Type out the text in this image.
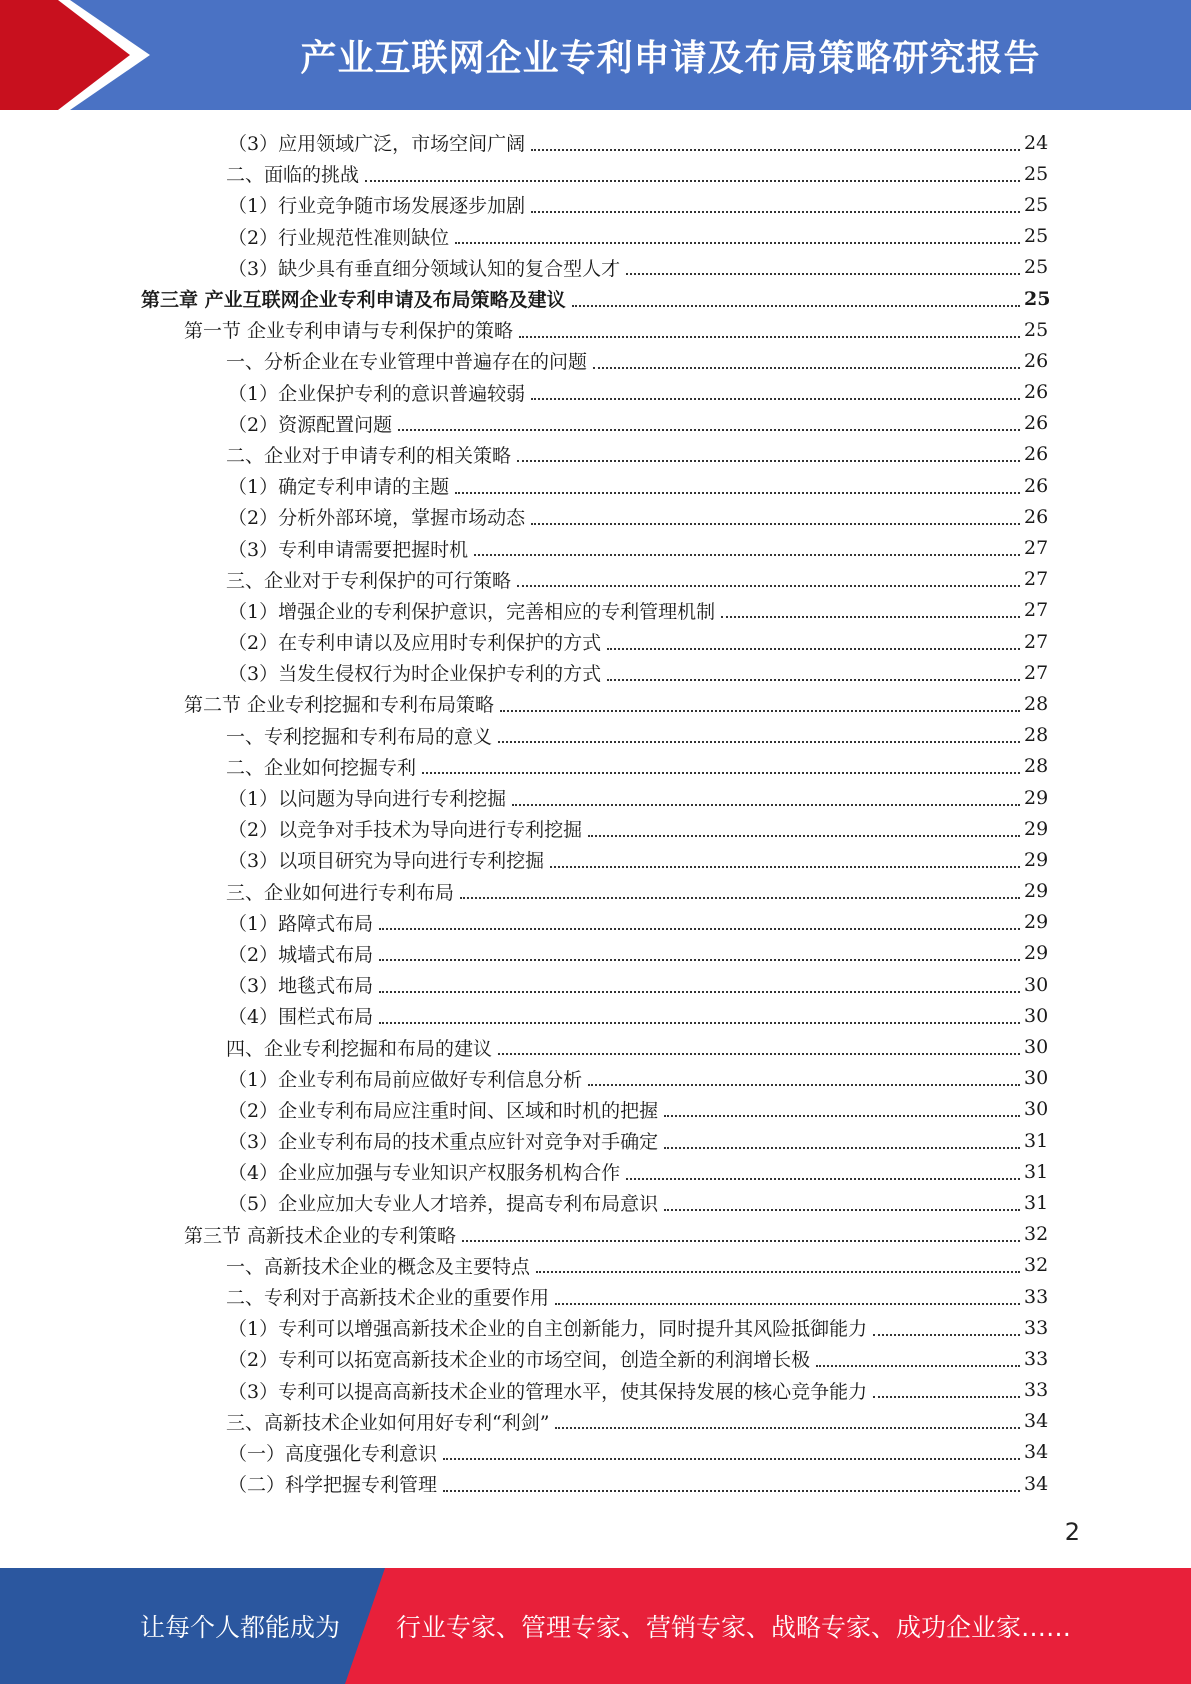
产业互联网企业专利申请及布局策略研究报告
（3）应用领域广泛，市场空间广阔	24
二、面临的挑战	25
（1）行业竞争随市场发展逐步加剧	25
（2）行业规范性准则缺位	25
（3）缺少具有垂直细分领域认知的复合型人才	25
第三章 产业互联网企业专利申请及布局策略及建议	25
第一节 企业专利申请与专利保护的策略	25
一、分析企业在专业管理中普遍存在的问题	26
（1）企业保护专利的意识普遍较弱	26
（2）资源配置问题	26
二、企业对于申请专利的相关策略	26
（1）确定专利申请的主题	26
（2）分析外部环境，掌握市场动态	26
（3）专利申请需要把握时机	27
三、企业对于专利保护的可行策略	27
（1）增强企业的专利保护意识，完善相应的专利管理机制	27
（2）在专利申请以及应用时专利保护的方式	27
（3）当发生侵权行为时企业保护专利的方式	27
第二节 企业专利挖掘和专利布局策略	28
一、专利挖掘和专利布局的意义	28
二、企业如何挖掘专利	28
（1）以问题为导向进行专利挖掘	29
（2）以竞争对手技术为导向进行专利挖掘	29
（3）以项目研究为导向进行专利挖掘	29
三、企业如何进行专利布局	29
（1）路障式布局	29
（2）城墙式布局	29
（3）地毯式布局	30
（4）围栏式布局	30
四、企业专利挖掘和布局的建议	30
（1）企业专利布局前应做好专利信息分析	30
（2）企业专利布局应注重时间、区域和时机的把握	30
（3）企业专利布局的技术重点应针对竞争对手确定	31
（4）企业应加强与专业知识产权服务机构合作	31
（5）企业应加大专业人才培养，提高专利布局意识	31
第三节 高新技术企业的专利策略	32
一、高新技术企业的概念及主要特点	32
二、专利对于高新技术企业的重要作用	33
（1）专利可以增强高新技术企业的自主创新能力，同时提升其风险抵御能力	33
（2）专利可以拓宽高新技术企业的市场空间，创造全新的利润增长极	33
（3）专利可以提高高新技术企业的管理水平，使其保持发展的核心竞争能力	33
三、高新技术企业如何用好专利“利剑”	34
（一）高度强化专利意识	34
（二）科学把握专利管理	34
2
让每个人都能成为 行业专家、管理专家、营销专家、战略专家、成功企业家……
